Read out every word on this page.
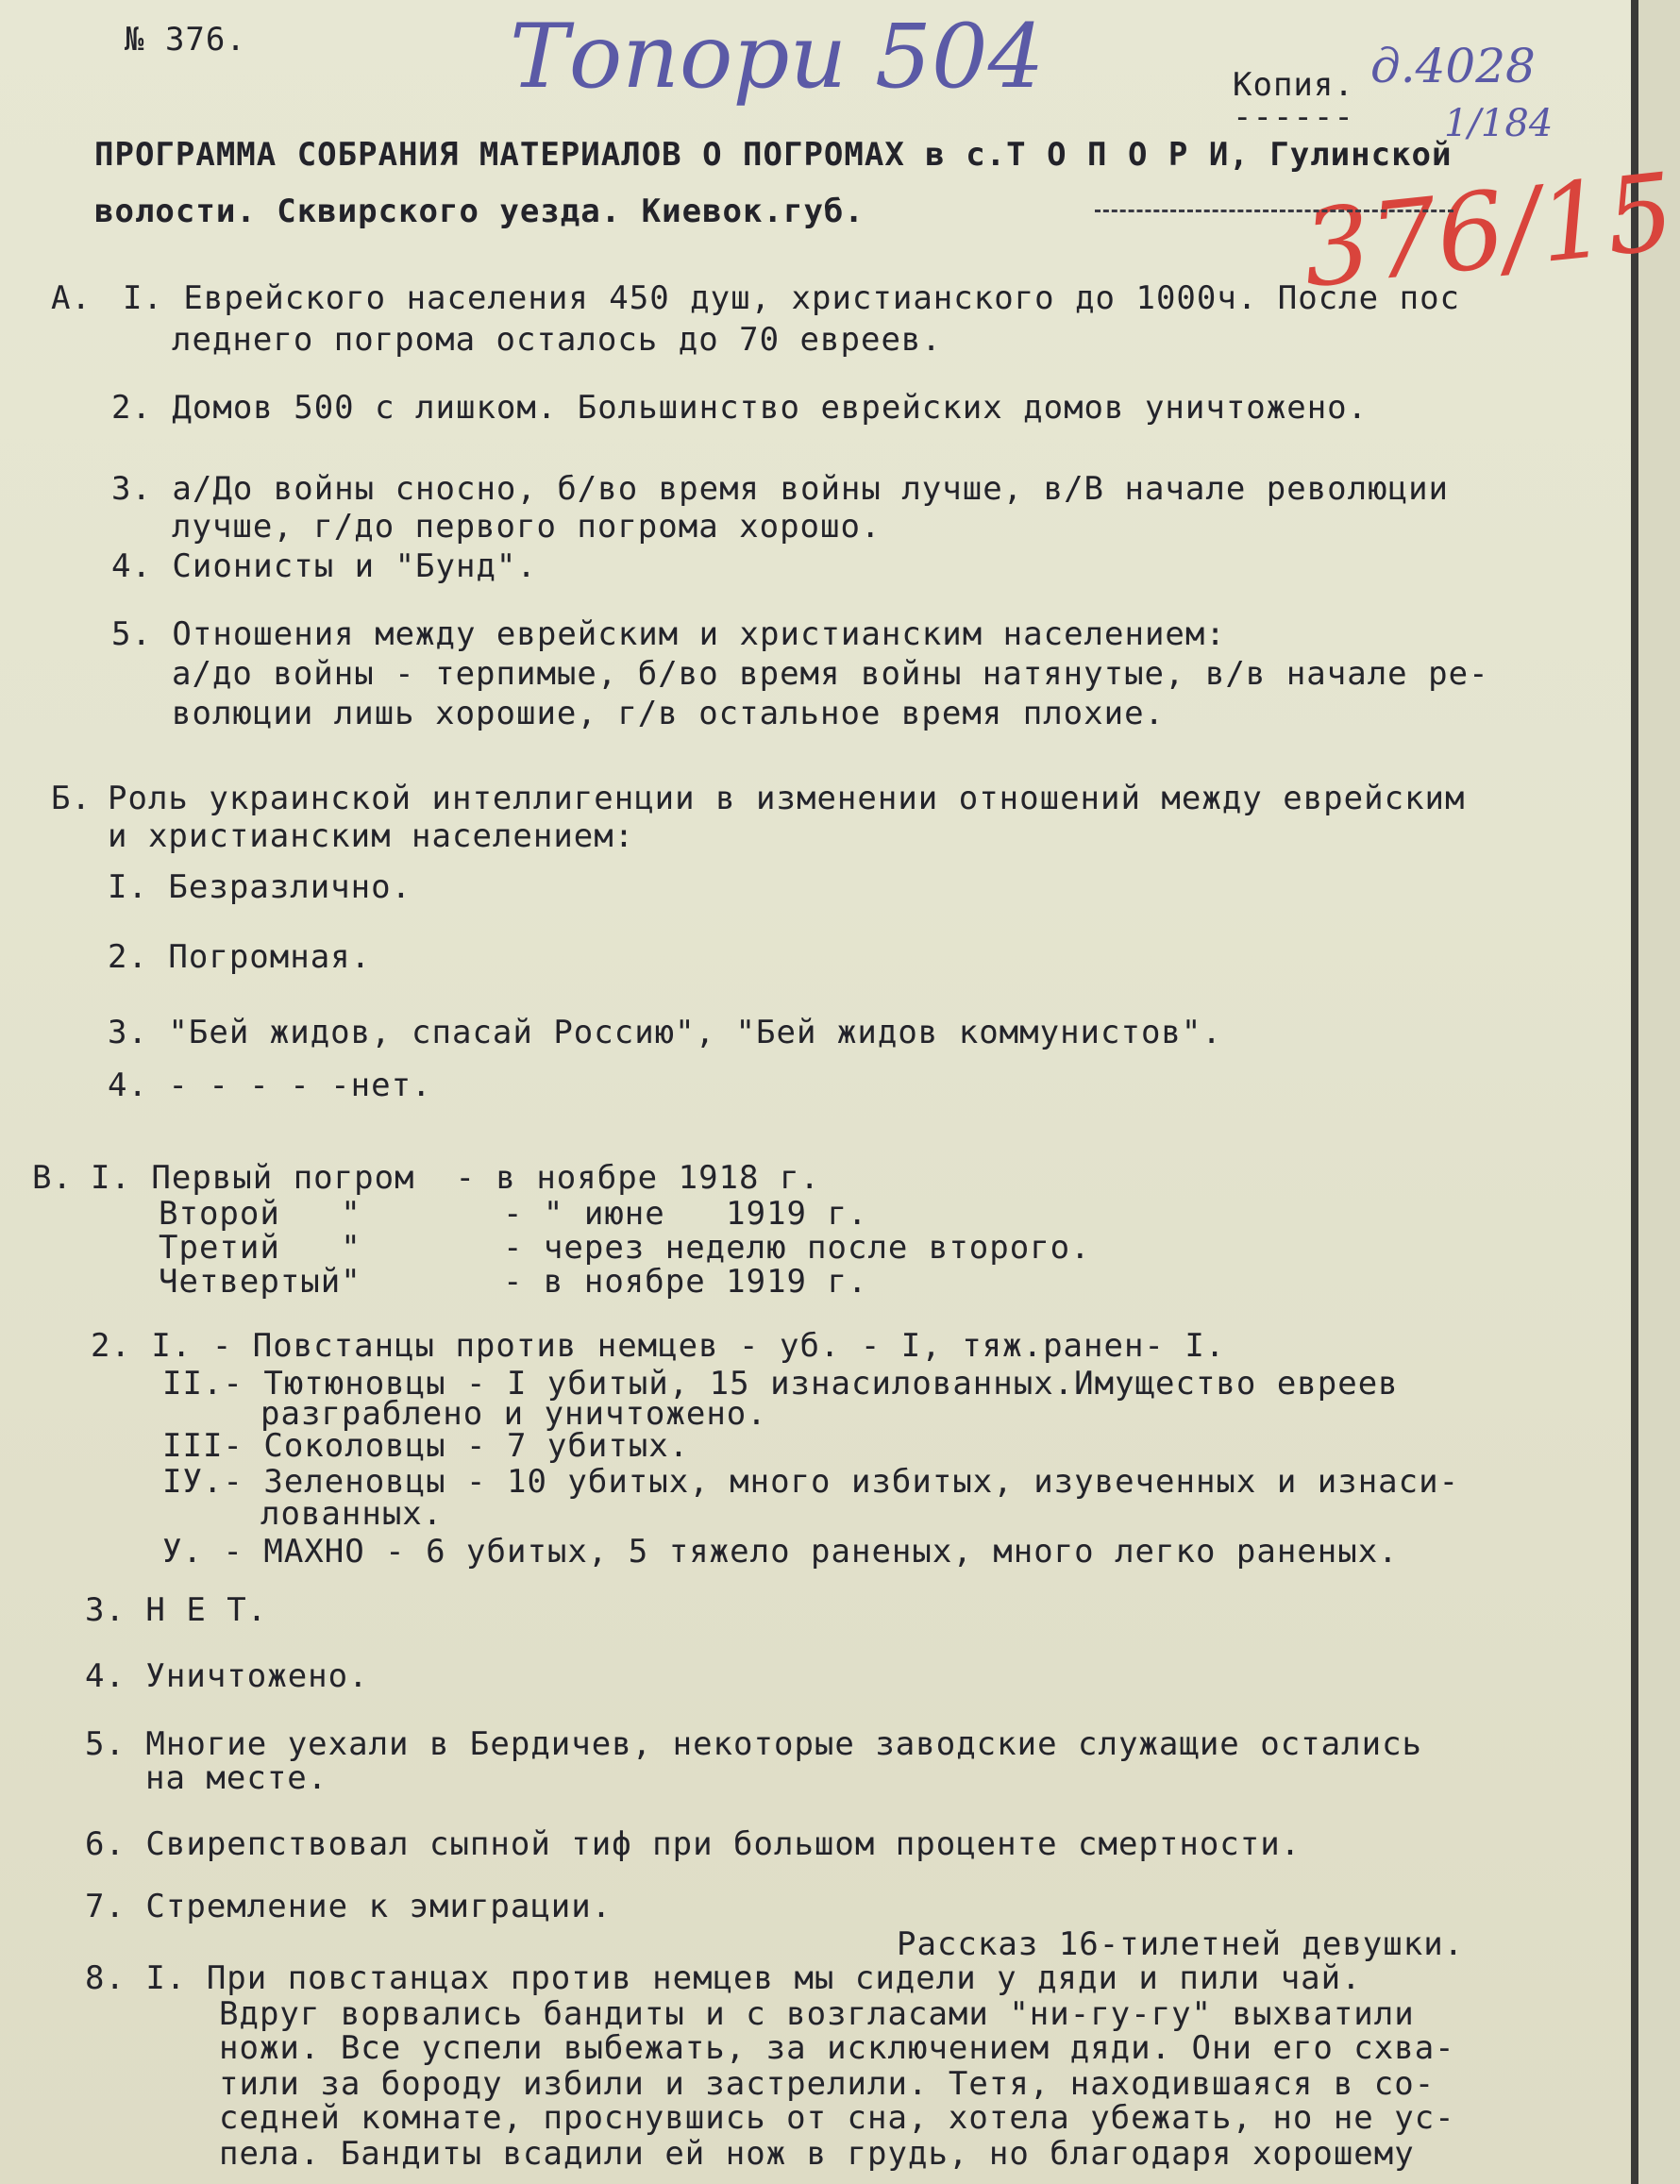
№ 376.	Топори 504	Копия.
------
д.4028
1/184
376/15
ПРОГРАММА СОБРАНИЯ МАТЕРИАЛОВ О ПОГРОМАХ в с.Т О П О Р И, Гулинской
волости. Сквирского уезда. Киевок.губ.
А. I. Еврейского населения 450 душ, христианского до 1000ч. После пос
леднего погрома осталось до 70 евреев.
2. Домов 500 с лишком. Большинство еврейских домов уничтожено.
3. а/До войны сносно, б/во время войны лучше, в/В начале революции
лучше, г/до первого погрома хорошо.
4. Сионисты и "Бунд".
5. Отношения между еврейским и христианским населением:
а/до войны - терпимые, б/во время войны натянутые, в/в начале ре-
волюции лишь хорошие, г/в остальное время плохие.
Б. Роль украинской интеллигенции в изменении отношений между еврейским
и христианским населением:
I. Безразлично.
2. Погромная.
3. "Бей жидов, спасай Россию", "Бей жидов коммунистов".
4. - - - - -нет.
В. I. Первый погром  - в ноябре 1918 г.
Второй   "       - " июне   1919 г.
Третий   "       - через неделю после второго.
Четвертый"       - в ноябре 1919 г.
2. I. - Повстанцы против немцев - уб. - I, тяж.ранен- I.
II.- Тютюновцы - I убитый, 15 изнасилованных.Имущество евреев
разграблено и уничтожено.
III- Соколовцы - 7 убитых.
IУ.- Зеленовцы - 10 убитых, много избитых, изувеченных и изнаси-
лованных.
У. - МАХНО - 6 убитых, 5 тяжело раненых, много легко раненых.
3. Н Е Т.
4. Уничтожено.
5. Многие уехали в Бердичев, некоторые заводские служащие остались
на месте.
6. Свирепствовал сыпной тиф при большом проценте смертности.
7. Стремление к эмиграции.
Рассказ 16-тилетней девушки.
8. I. При повстанцах против немцев мы сидели у дяди и пили чай.
Вдруг ворвались бандиты и с возгласами "ни-гу-гу" выхватили
ножи. Все успели выбежать, за исключением дяди. Они его схва-
тили за бороду избили и застрелили. Тетя, находившаяся в со-
седней комнате, проснувшись от сна, хотела убежать, но не ус-
пела. Бандиты всадили ей нож в грудь, но благодаря хорошему
